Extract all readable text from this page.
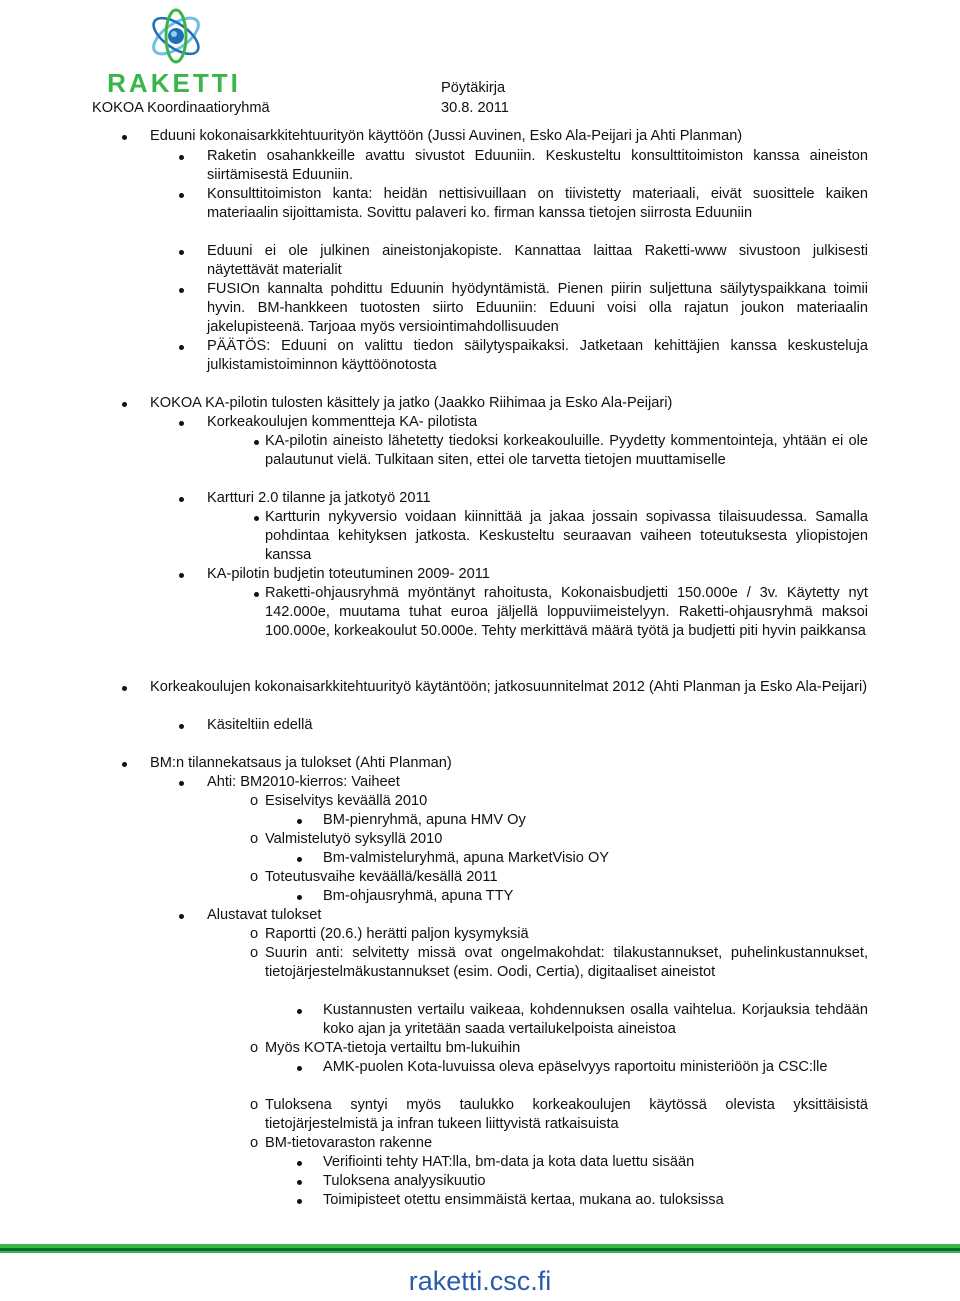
RAKETTI	Pöytäkirja
KOKOA Koordinaatioryhmä	30.8. 2011
Eduuni kokonaisarkkitehtuurityön käyttöön (Jussi Auvinen, Esko Ala-Peijari ja Ahti Planman)
Raketin osahankkeille avattu sivustot Eduuniin. Keskusteltu konsulttitoimiston kanssa aineiston siirtämisestä Eduuniin.
Konsulttitoimiston kanta: heidän nettisivuillaan on tiivistetty materiaali, eivät suosittele kaiken materiaalin sijoittamista. Sovittu palaveri ko. firman kanssa tietojen siirrosta Eduuniin
Eduuni ei ole julkinen aineistonjakopiste. Kannattaa laittaa Raketti-www sivustoon julkisesti näytettävät materialit
FUSIOn kannalta pohdittu Eduunin hyödyntämistä. Pienen piirin suljettuna säilytyspaikkana toimii hyvin. BM-hankkeen tuotosten siirto Eduuniin: Eduuni voisi olla rajatun joukon materiaalin jakelupisteenä. Tarjoaa myös versiointimahdollisuuden
PÄÄTÖS: Eduuni on valittu tiedon säilytyspaikaksi. Jatketaan kehittäjien kanssa keskusteluja julkistamistoiminnon käyttöönotosta
KOKOA KA-pilotin tulosten käsittely ja jatko (Jaakko Riihimaa ja Esko Ala-Peijari)
Korkeakoulujen kommentteja KA- pilotista
KA-pilotin aineisto lähetetty tiedoksi korkeakouluille. Pyydetty kommentointeja, yhtään ei ole palautunut vielä. Tulkitaan siten, ettei ole tarvetta tietojen muuttamiselle
Kartturi 2.0 tilanne ja jatkotyö 2011
Kartturin nykyversio voidaan kiinnittää ja jakaa jossain sopivassa tilaisuudessa. Samalla pohdintaa kehityksen jatkosta. Keskusteltu seuraavan vaiheen toteutuksesta yliopistojen kanssa
KA-pilotin budjetin toteutuminen 2009- 2011
Raketti-ohjausryhmä myöntänyt rahoitusta, Kokonaisbudjetti 150.000e / 3v. Käytetty nyt 142.000e, muutama tuhat euroa jäljellä loppuviimeistelyyn. Raketti-ohjausryhmä maksoi 100.000e, korkeakoulut 50.000e. Tehty merkittävä määrä työtä ja budjetti piti hyvin paikkansa
Korkeakoulujen kokonaisarkkitehtuurityö käytäntöön; jatkosuunnitelmat 2012 (Ahti Planman ja Esko Ala-Peijari)
Käsiteltiin edellä
BM:n tilannekatsaus ja tulokset (Ahti Planman)
Ahti: BM2010-kierros: Vaiheet
o Esiselvitys keväällä 2010
BM-pienryhmä, apuna HMV Oy
o Valmistelutyö syksyllä 2010
Bm-valmisteluryhmä, apuna MarketVisio OY
o Toteutusvaihe keväällä/kesällä 2011
Bm-ohjausryhmä, apuna TTY
Alustavat tulokset
o Raportti (20.6.) herätti paljon kysymyksiä
o Suurin anti: selvitetty missä ovat ongelmakohdat: tilakustannukset, puhelinkustannukset, tietojärjestelmäkustannukset (esim. Oodi, Certia), digitaaliset aineistot
Kustannusten vertailu vaikeaa, kohdennuksen osalla vaihtelua. Korjauksia tehdään koko ajan ja yritetään saada vertailukelpoista aineistoa
o Myös KOTA-tietoja vertailtu bm-lukuihin
AMK-puolen Kota-luvuissa oleva epäselvyys raportoitu ministeriöön ja CSC:lle
o Tuloksena syntyi myös taulukko korkeakoulujen käytössä olevista yksittäisistä tietojärjestelmistä ja infran tukeen liittyvistä ratkaisuista
o BM-tietovaraston rakenne
Verifiointi tehty HAT:lla, bm-data ja kota data luettu sisään
Tuloksena analyysikuutio
Toimipisteet otettu ensimmäistä kertaa, mukana ao. tuloksissa
raketti.csc.fi
